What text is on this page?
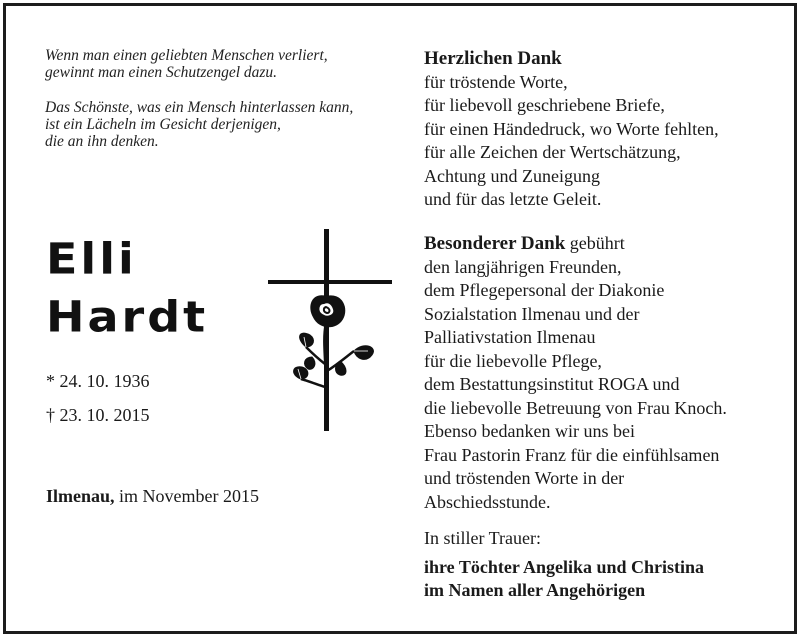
Wenn man einen geliebten Menschen verliert,

gewinnt man einen Schutzengel dazu.

Das Schönste, was ein Mensch hinterlassen kann,

ist ein Lächeln im Gesicht derjenigen,

die an ihn denken.

Elli
Hardt
* 24. 10. 1936
† 23. 10. 2015
Ilmenau, im November 2015

Herzlichen Dank

für tröstende Worte,

für liebevoll geschriebene Briefe,

für einen Händedruck, wo Worte fehlten,

für alle Zeichen der Wertschätzung,

Achtung und Zuneigung

und für das letzte Geleit.

Besonderer Dank gebührt

den langjährigen Freunden,

dem Pflegepersonal der Diakonie

Sozialstation Ilmenau und der

Palliativstation Ilmenau

für die liebevolle Pflege,

dem Bestattungsinstitut ROGA und

die liebevolle Betreuung von Frau Knoch.

Ebenso bedanken wir uns bei

Frau Pastorin Franz für die einfühlsamen

und tröstenden Worte in der

Abschiedsstunde.

In stiller Trauer:

ihre Töchter Angelika und Christina

im Namen aller Angehörigen
